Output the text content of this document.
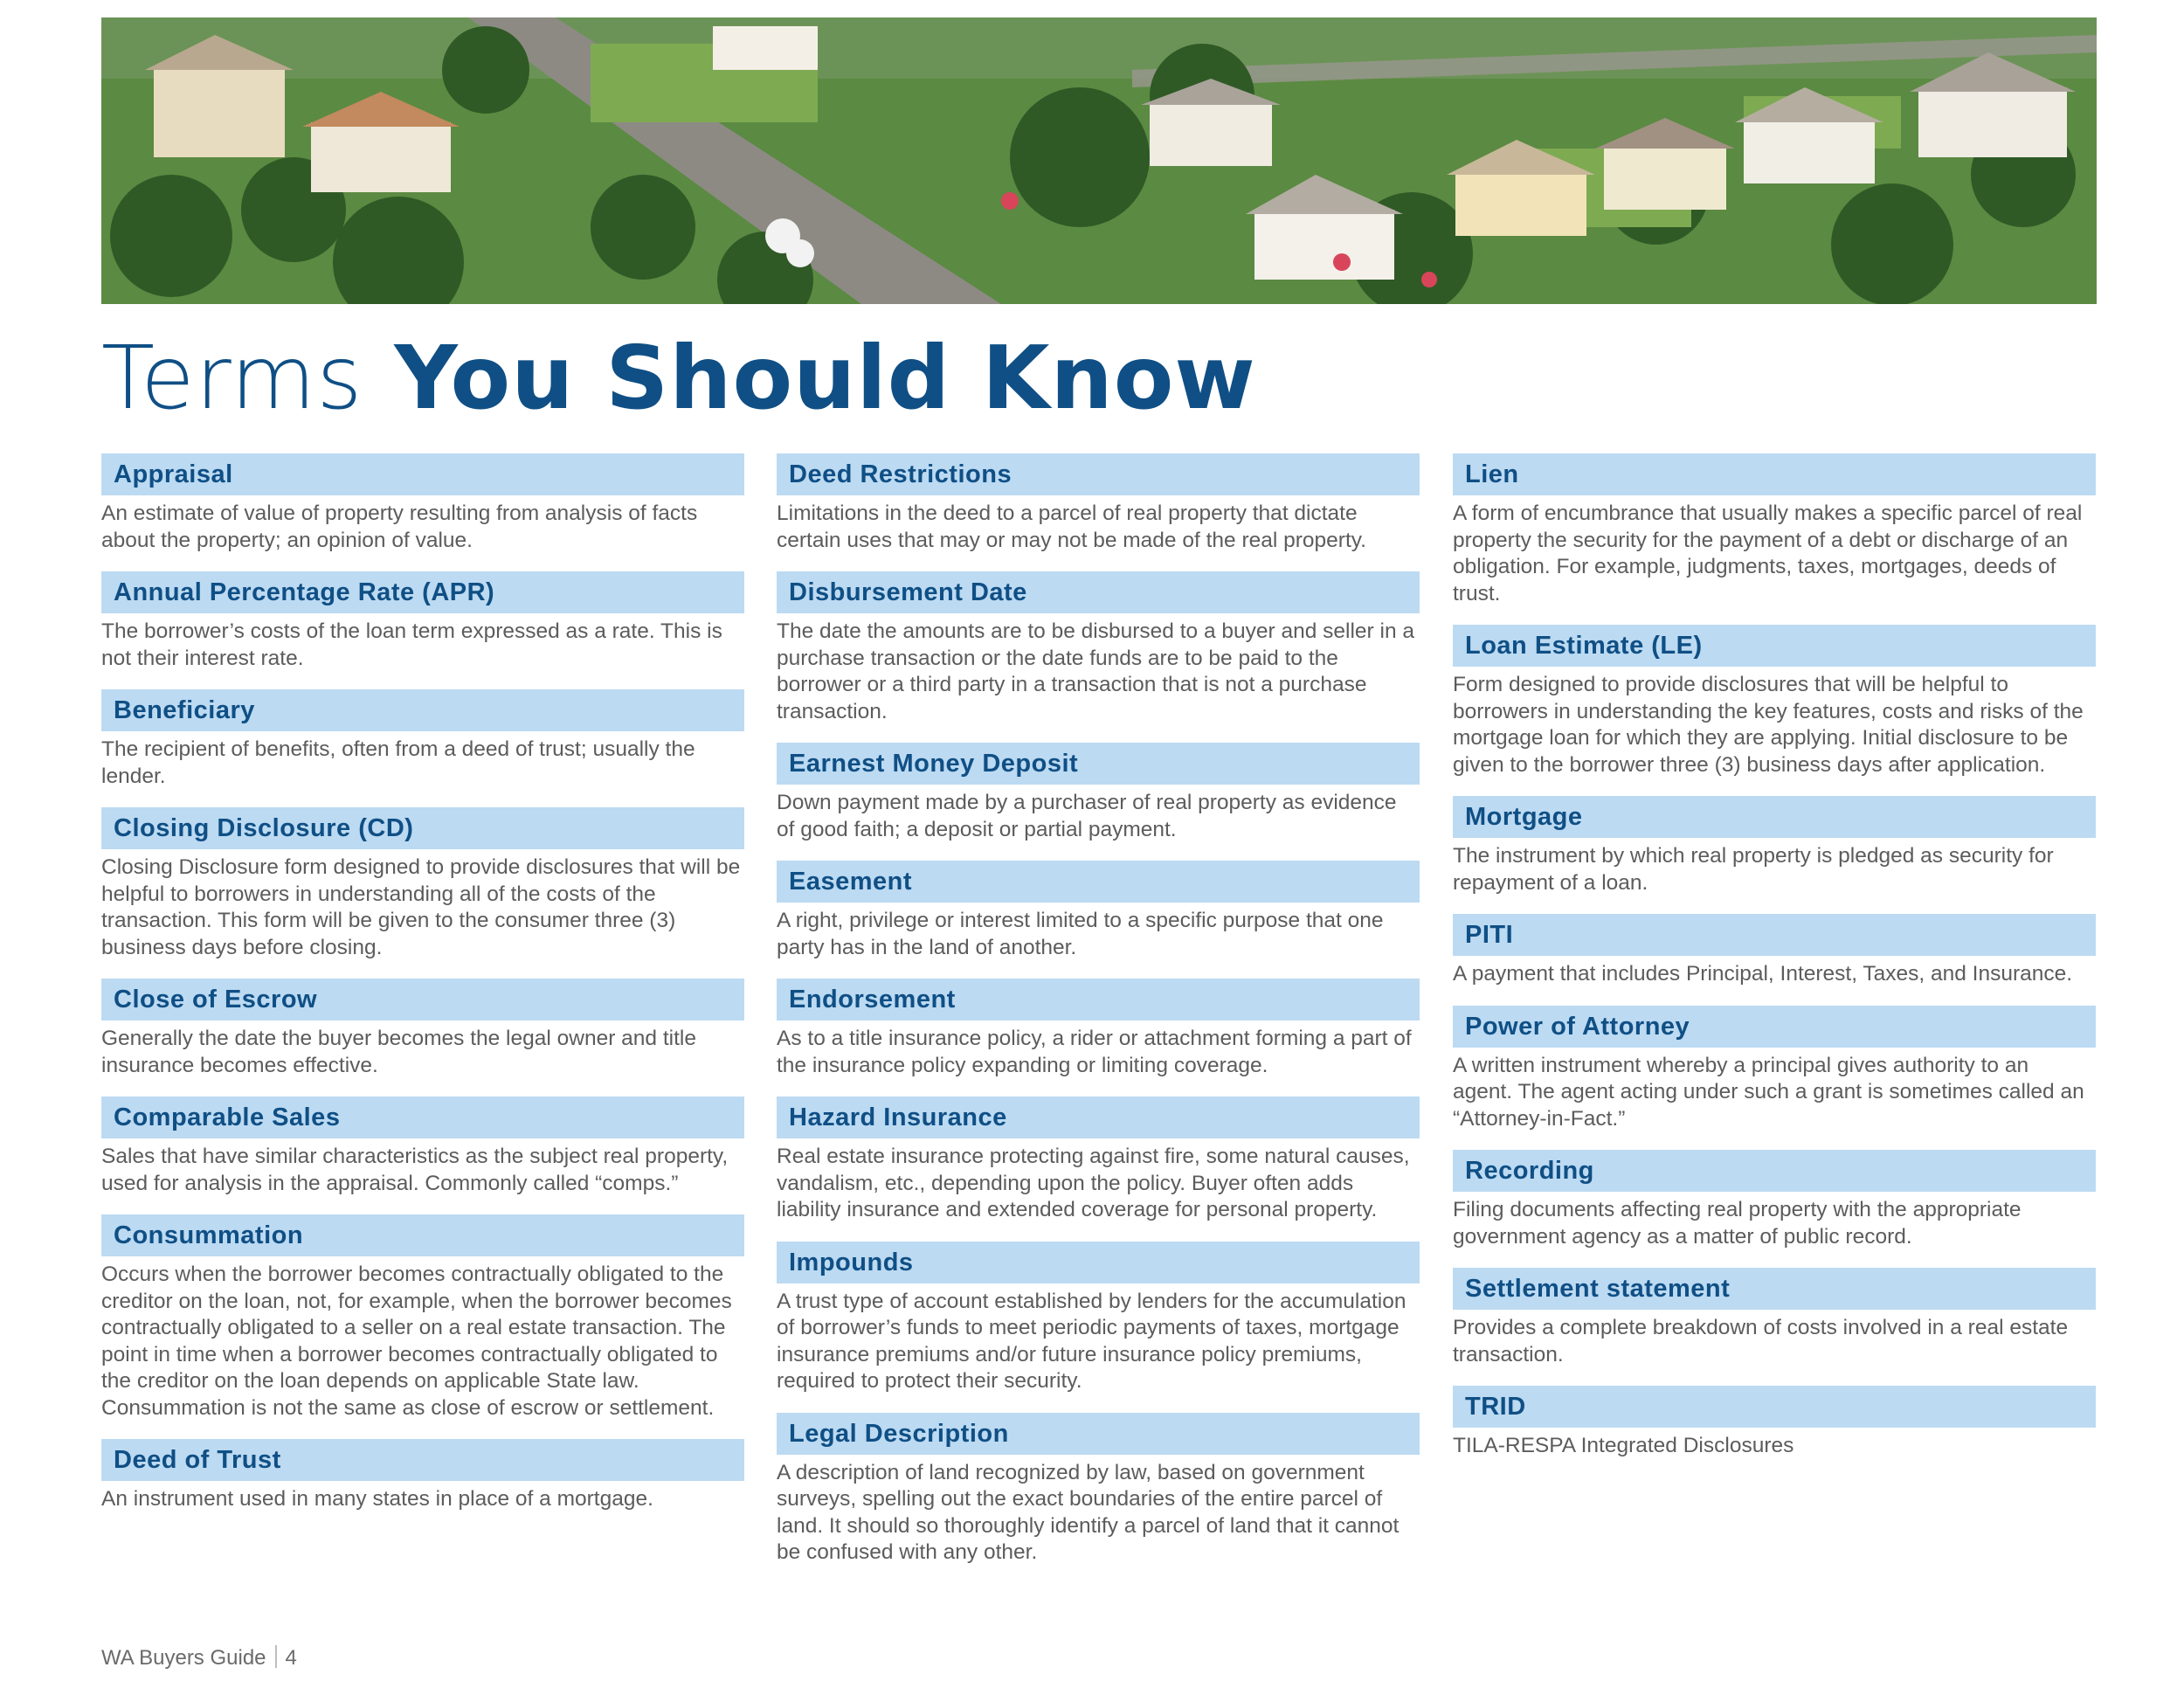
Terms You Should Know
Appraisal

An estimate of value of property resulting from analysis of facts about the property; an opinion of value.

Annual Percentage Rate (APR)

The borrower’s costs of the loan term expressed as a rate. This is not their interest rate.

Beneficiary

The recipient of benefits, often from a deed of trust; usually the lender.

Closing Disclosure (CD)

Closing Disclosure form designed to provide disclosures that will be helpful to borrowers in understanding all of the costs of the transaction. This form will be given to the consumer three (3) business days before closing.

Close of Escrow

Generally the date the buyer becomes the legal owner and title insurance becomes effective.

Comparable Sales

Sales that have similar characteristics as the subject real property, used for analysis in the appraisal. Commonly called “comps.”

Consummation

Occurs when the borrower becomes contractually obligated to the creditor on the loan, not, for example, when the borrower becomes contractually obligated to a seller on a real estate transaction. The point in time when a borrower becomes contractually obligated to the creditor on the loan depends on applicable State law. Consummation is not the same as close of escrow or settlement.

Deed of Trust

An instrument used in many states in place of a mortgage.

Deed Restrictions

Limitations in the deed to a parcel of real property that dictate certain uses that may or may not be made of the real property.

Disbursement Date

The date the amounts are to be disbursed to a buyer and seller in a purchase transaction or the date funds are to be paid to the borrower or a third party in a transaction that is not a purchase transaction.

Earnest Money Deposit

Down payment made by a purchaser of real property as evidence of good faith; a deposit or partial payment.

Easement

A right, privilege or interest limited to a specific purpose that one party has in the land of another.

Endorsement

As to a title insurance policy, a rider or attachment forming a part of the insurance policy expanding or limiting coverage.

Hazard Insurance

Real estate insurance protecting against fire, some natural causes, vandalism, etc., depending upon the policy. Buyer often adds liability insurance and extended coverage for personal property.

Impounds

A trust type of account established by lenders for the accumulation of borrower’s funds to meet periodic payments of taxes, mortgage insurance premiums and/or future insurance policy premiums, required to protect their security.

Legal Description

A description of land recognized by law, based on government surveys, spelling out the exact boundaries of the entire parcel of land. It should so thoroughly identify a parcel of land that it cannot be confused with any other.

Lien

A form of encumbrance that usually makes a specific parcel of real property the security for the payment of a debt or discharge of an obligation. For example, judgments, taxes, mortgages, deeds of trust.

Loan Estimate (LE)

Form designed to provide disclosures that will be helpful to borrowers in understanding the key features, costs and risks of the mortgage loan for which they are applying. Initial disclosure to be given to the borrower three (3) business days after application.

Mortgage

The instrument by which real property is pledged as security for repayment of a loan.

PITI

A payment that includes Principal, Interest, Taxes, and Insurance.

Power of Attorney

A written instrument whereby a principal gives authority to an agent. The agent acting under such a grant is sometimes called an “Attorney-in-Fact.”

Recording

Filing documents affecting real property with the appropriate government agency as a matter of public record.

Settlement statement

Provides a complete breakdown of costs involved in a real estate transaction.

TRID

TILA-RESPA Integrated Disclosures

WA Buyers Guide 4
